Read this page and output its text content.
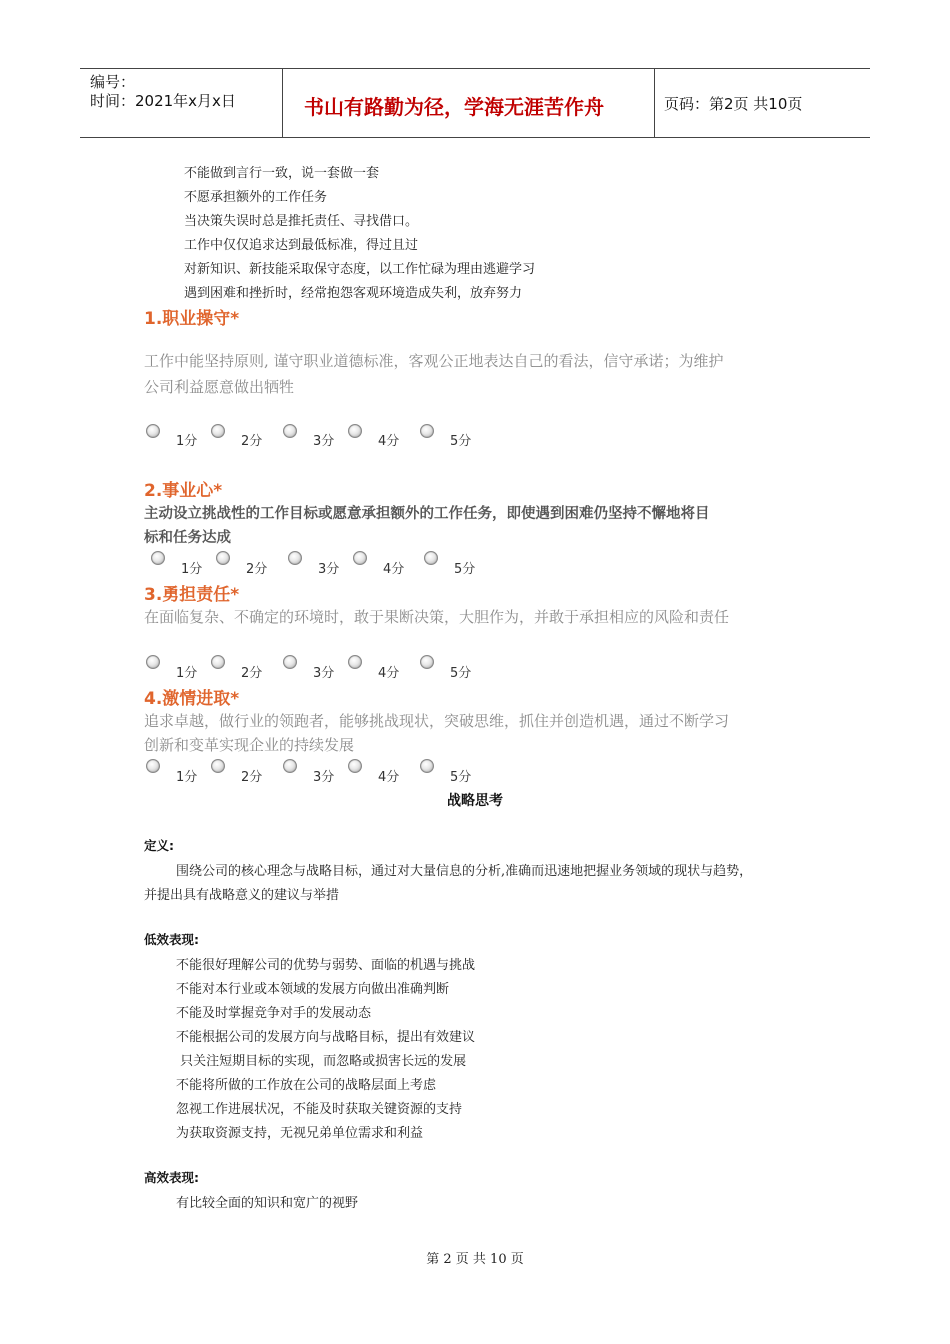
编号：
时间：2021年x月x日	书山有路勤为径，学海无涯苦作舟	页码：第2页 共10页
不能做到言行一致，说一套做一套
不愿承担额外的工作任务
当决策失误时总是推托责任、寻找借口。
工作中仅仅追求达到最低标准，得过且过
对新知识、新技能采取保守态度，以工作忙碌为理由逃避学习
遇到困难和挫折时，经常抱怨客观环境造成失利，放弃努力
1.职业操守*
工作中能坚持原则, 谨守职业道德标准，客观公正地表达自己的看法，信守承诺；为维护
公司利益愿意做出牺牲
1分	2分	3分	4分	5分
2.事业心*
主动设立挑战性的工作目标或愿意承担额外的工作任务，即使遇到困难仍坚持不懈地将目
标和任务达成
1分	2分	3分	4分	5分
3.勇担责任*
在面临复杂、不确定的环境时，敢于果断决策，大胆作为，并敢于承担相应的风险和责任
1分	2分	3分	4分	5分
4.激情进取*
追求卓越，做行业的领跑者，能够挑战现状，突破思维，抓住并创造机遇，通过不断学习
创新和变革实现企业的持续发展
1分	2分	3分	4分	5分
战略思考
定义:
围绕公司的核心理念与战略目标，通过对大量信息的分析,准确而迅速地把握业务领域的现状与趋势，
并提出具有战略意义的建议与举措
低效表现:
不能很好理解公司的优势与弱势、面临的机遇与挑战
不能对本行业或本领域的发展方向做出准确判断
不能及时掌握竞争对手的发展动态
不能根据公司的发展方向与战略目标，提出有效建议
只关注短期目标的实现，而忽略或损害长远的发展
不能将所做的工作放在公司的战略层面上考虑
忽视工作进展状况，不能及时获取关键资源的支持
为获取资源支持，无视兄弟单位需求和利益
高效表现:
有比较全面的知识和宽广的视野
第 2 页 共 10 页
